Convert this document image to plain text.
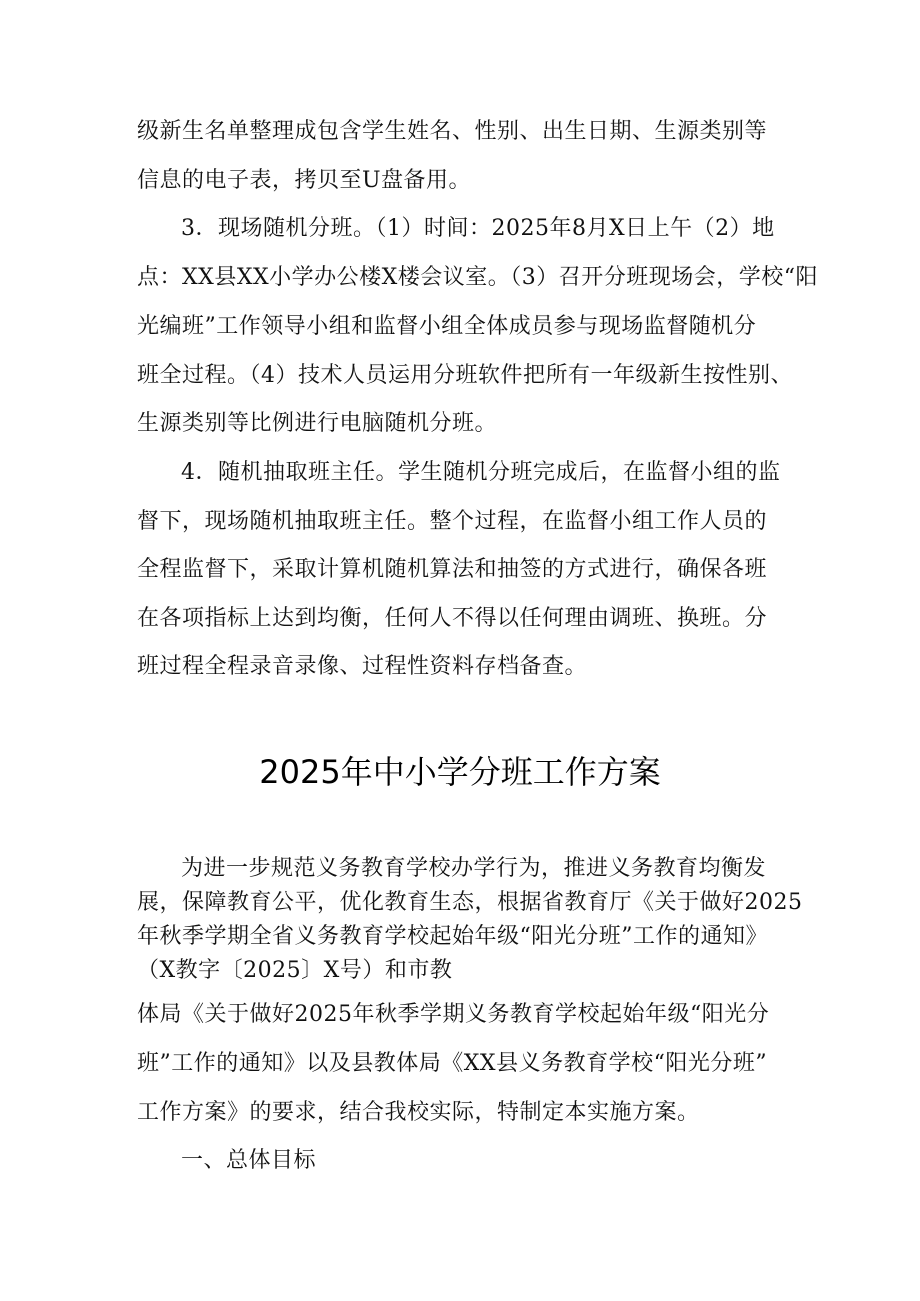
级新生名单整理成包含学生姓名、性别、出生日期、生源类别等
信息的电子表，拷贝至U盘备用。
3．现场随机分班。（1）时间：2025年8月X日上午（2）地
点：XX县XX小学办公楼X楼会议室。（3）召开分班现场会，学校“阳
光编班”工作领导小组和监督小组全体成员参与现场监督随机分
班全过程。（4）技术人员运用分班软件把所有一年级新生按性别、
生源类别等比例进行电脑随机分班。
4．随机抽取班主任。学生随机分班完成后，在监督小组的监
督下，现场随机抽取班主任。整个过程，在监督小组工作人员的
全程监督下，采取计算机随机算法和抽签的方式进行，确保各班
在各项指标上达到均衡，任何人不得以任何理由调班、换班。分
班过程全程录音录像、过程性资料存档备查。
2025年中小学分班工作方案
为进一步规范义务教育学校办学行为，推进义务教育均衡发
展，保障教育公平，优化教育生态，根据省教育厅《关于做好2025
年秋季学期全省义务教育学校起始年级“阳光分班”工作的通知》
（X教字〔2025〕X号）和市教
体局《关于做好2025年秋季学期义务教育学校起始年级“阳光分
班”工作的通知》以及县教体局《XX县义务教育学校“阳光分班”
工作方案》的要求，结合我校实际，特制定本实施方案。
一、总体目标
